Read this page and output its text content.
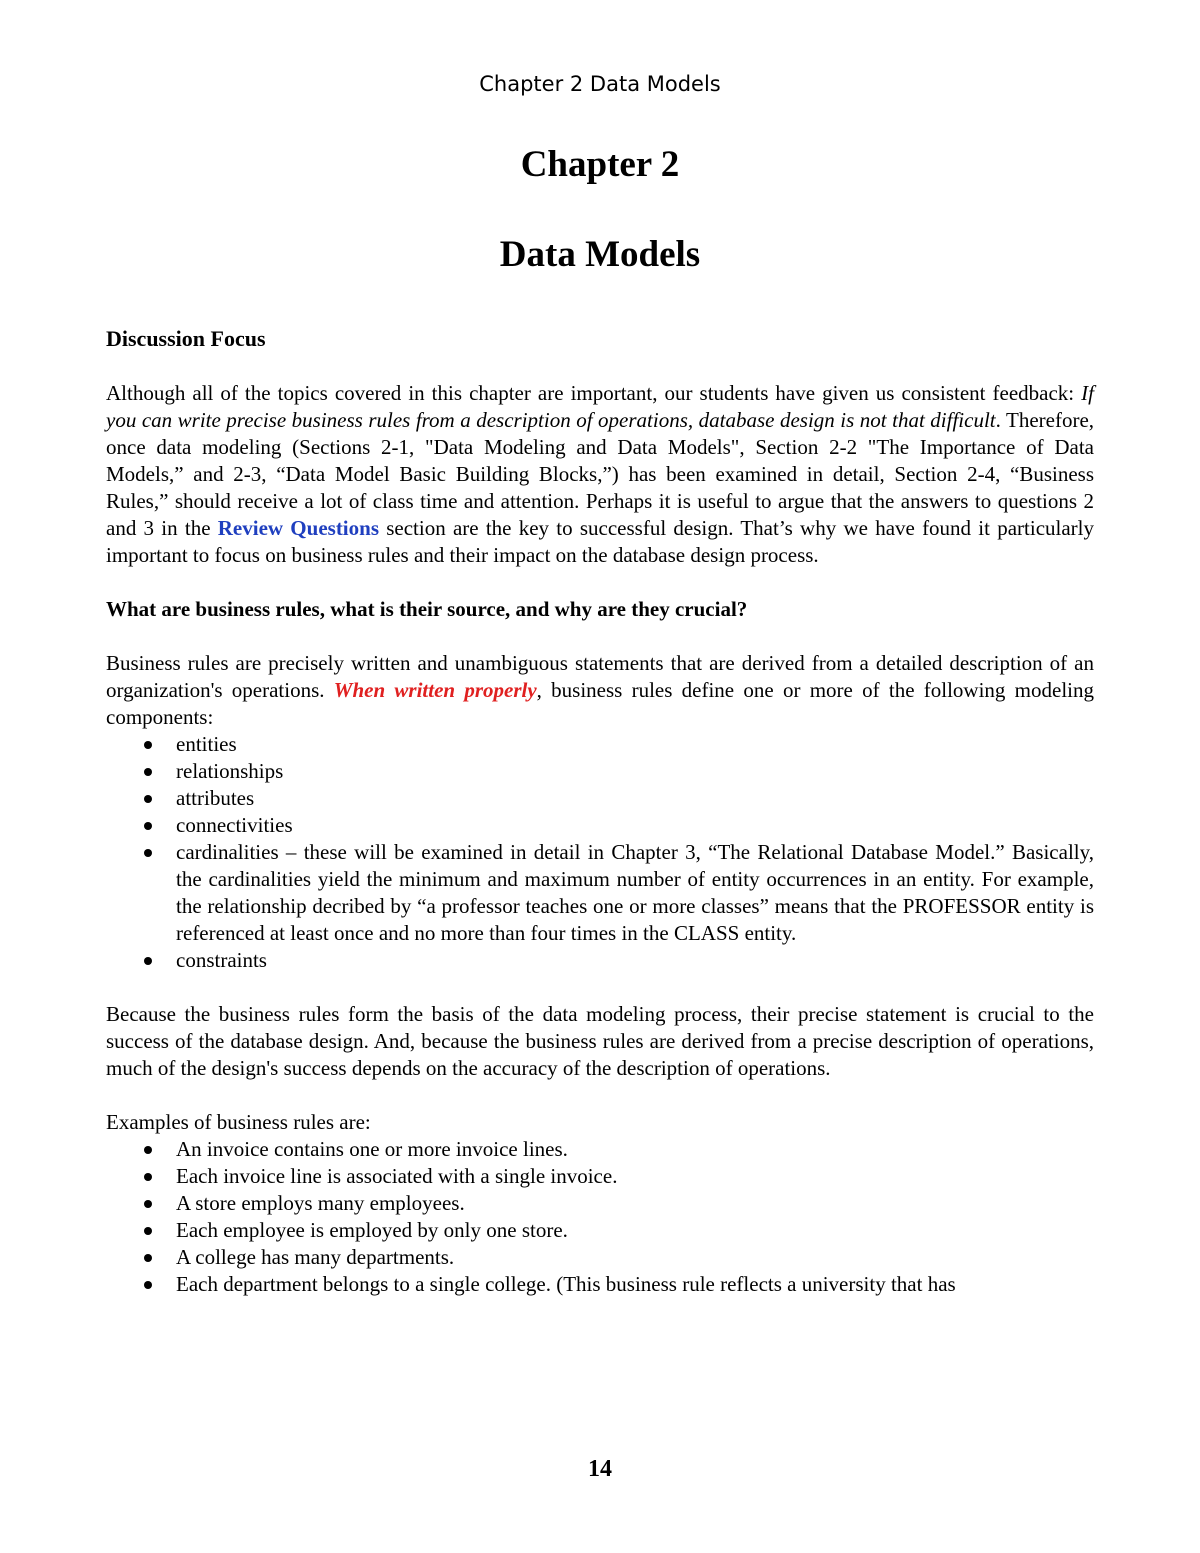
Chapter 2 Data Models
Chapter 2
Data Models
Discussion Focus

Although all of the topics covered in this chapter are important, our students have given us consistent feedback: If you can write precise business rules from a description of operations, database design is not that difficult. Therefore, once data modeling (Sections 2-1, "Data Modeling and Data Models", Section 2-2 "The Importance of Data Models,” and 2-3, “Data Model Basic Building Blocks,”) has been examined in detail, Section 2-4, “Business Rules,” should receive a lot of class time and attention. Perhaps it is useful to argue that the answers to questions 2 and 3 in the Review Questions section are the key to successful design. That’s why we have found it particularly important to focus on business rules and their impact on the database design process.

What are business rules, what is their source, and why are they crucial?

Business rules are precisely written and unambiguous statements that are derived from a detailed description of an organization's operations. When written properly, business rules define one or more of the following modeling components:

entities
relationships
attributes
connectivities
cardinalities – these will be examined in detail in Chapter 3, “The Relational Database Model.” Basically, the cardinalities yield the minimum and maximum number of entity occurrences in an entity. For example, the relationship decribed by “a professor teaches one or more classes” means that the PROFESSOR entity is referenced at least once and no more than four times in the CLASS entity.
constraints

Because the business rules form the basis of the data modeling process, their precise statement is crucial to the success of the database design. And, because the business rules are derived from a precise description of operations, much of the design's success depends on the accuracy of the description of operations.

Examples of business rules are:

An invoice contains one or more invoice lines.
Each invoice line is associated with a single invoice.
A store employs many employees.
Each employee is employed by only one store.
A college has many departments.
Each department belongs to a single college. (This business rule reflects a university that has
14
